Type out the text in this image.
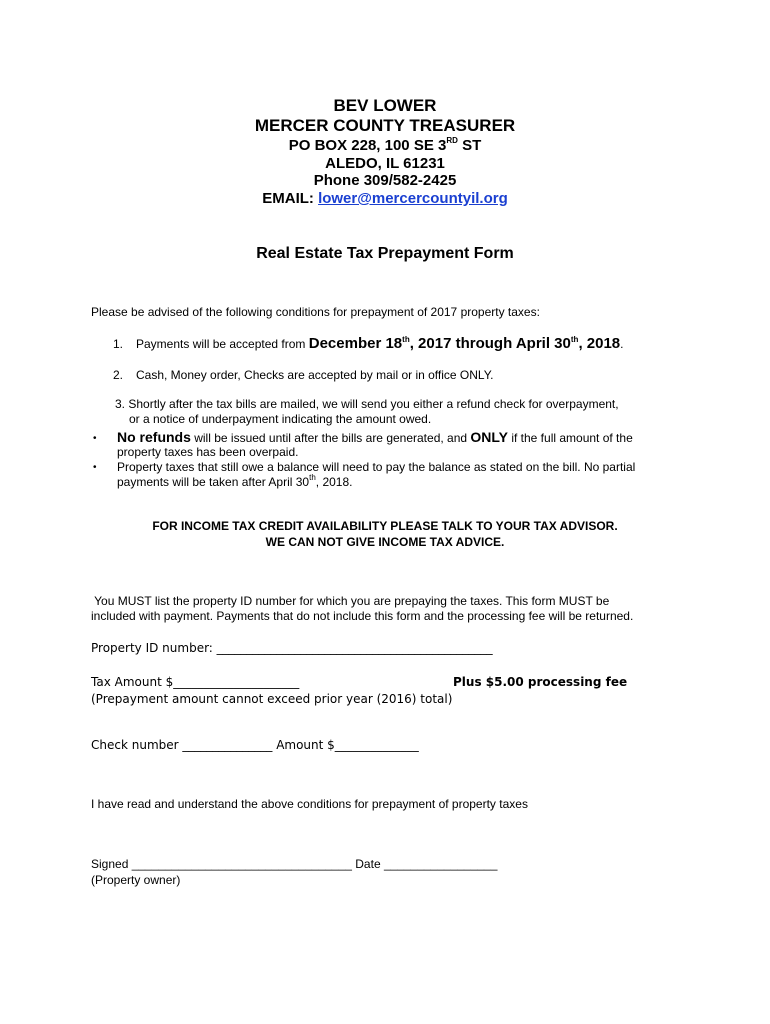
BEV LOWER
MERCER COUNTY TREASURER
PO BOX 228, 100 SE 3RD ST
ALEDO, IL 61231
Phone 309/582-2425
EMAIL: lower@mercercountyil.org
Real Estate Tax Prepayment Form
Please be advised of the following conditions for prepayment of 2017 property taxes:
1. Payments will be accepted from December 18th, 2017 through April 30th, 2018.
2. Cash, Money order, Checks are accepted by mail or in office ONLY.
3. Shortly after the tax bills are mailed, we will send you either a refund check for overpayment,
or a notice of underpayment indicating the amount owed.
• No refunds will be issued until after the bills are generated, and ONLY if the full amount of the
property taxes has been overpaid.
• Property taxes that still owe a balance will need to pay the balance as stated on the bill. No partial
payments will be taken after April 30th, 2018.
FOR INCOME TAX CREDIT AVAILABILITY PLEASE TALK TO YOUR TAX ADVISOR.
WE CAN NOT GIVE INCOME TAX ADVICE.
You MUST list the property ID number for which you are prepaying the taxes. This form MUST be
included with payment. Payments that do not include this form and the processing fee will be returned.
Property ID number: ______________________________________________
Tax Amount $_____________________	Plus $5.00 processing fee
(Prepayment amount cannot exceed prior year (2016) total)
Check number _______________ Amount $______________
I have read and understand the above conditions for prepayment of property taxes
Signed _________________________________ Date _________________
(Property owner)
